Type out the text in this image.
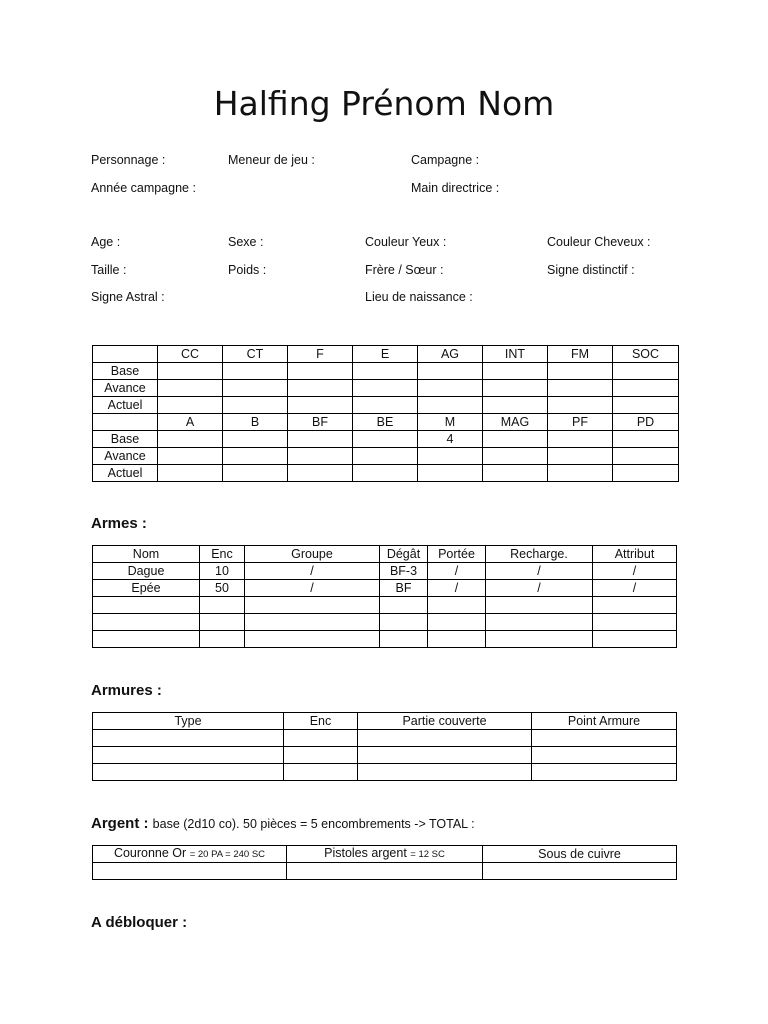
Halfing Prénom Nom
Personnage :	Meneur de jeu :	Campagne :
Année campagne :	Main directrice :
Age :	Sexe :	Couleur Yeux :	Couleur Cheveux :
Taille :	Poids :	Frère / Sœur :	Signe distinctif :
Signe Astral :	Lieu de naissance :
	CC	CT	F	E	AG	INT	FM	SOC
Base								
Avance								
Actuel								
	A	B	BF	BE	M	MAG	PF	PD
Base					4			
Avance								
Actuel								
Armes :
Nom	Enc	Groupe	Dégât	Portée	Recharge.	Attribut
Dague	10	/	BF-3	/	/	/
Epée	50	/	BF	/	/	/

Armures :
Type	Enc	Partie couverte	Point Armure

Argent : base (2d10 co). 50 pièces = 5 encombrements -> TOTAL :
Couronne Or = 20 PA = 240 SC	Pistoles argent = 12 SC	Sous de cuivre

A débloquer :
